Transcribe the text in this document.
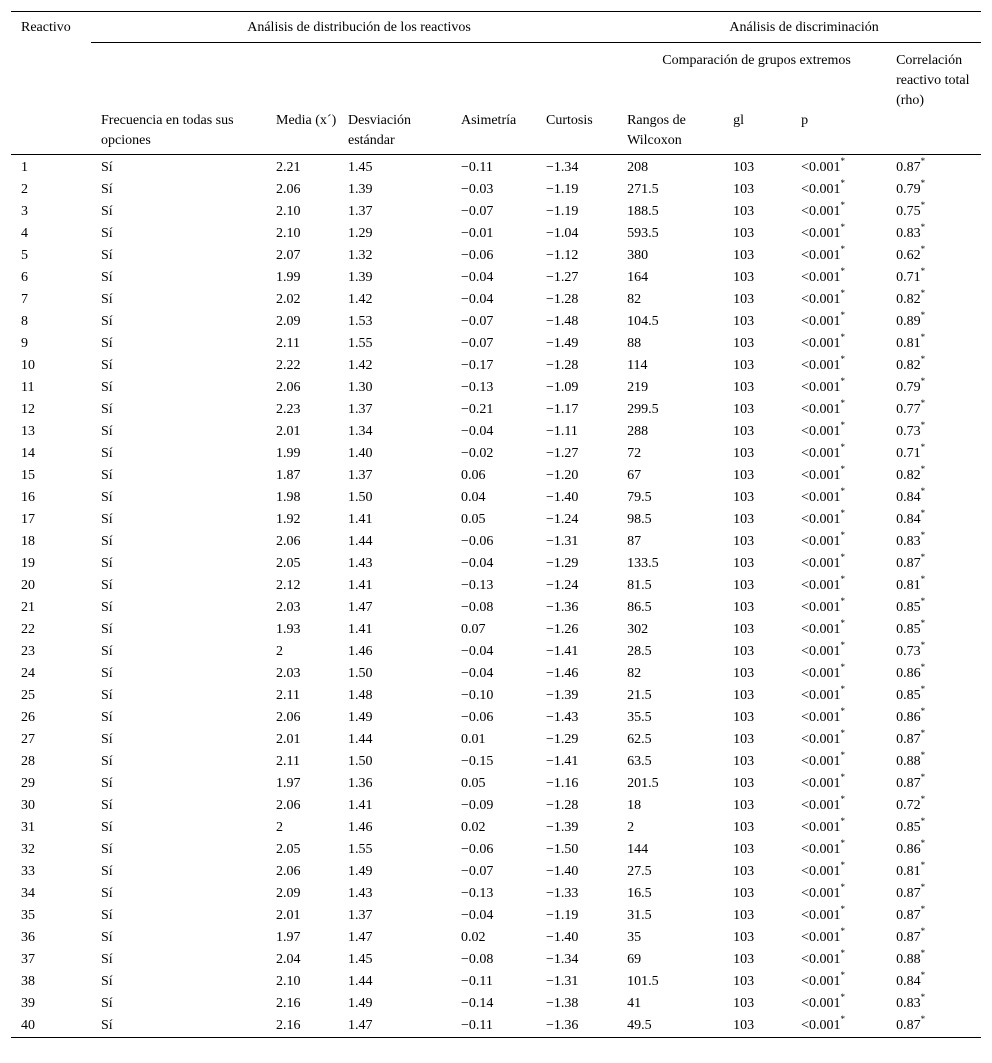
Reactivo	Análisis de distribución de los reactivos					Análisis de discriminación			
						Comparación de grupos extremos			Correlación reactivo total (rho)
	Frecuencia en todas sus opciones	Media (x´)	Desviación estándar	Asimetría	Curtosis	Rangos de Wilcoxon	gl	p	
1	Sí	2.21	1.45	−0.11	−1.34	208	103	<0.001*	0.87*
2	Sí	2.06	1.39	−0.03	−1.19	271.5	103	<0.001*	0.79*
3	Sí	2.10	1.37	−0.07	−1.19	188.5	103	<0.001*	0.75*
4	Sí	2.10	1.29	−0.01	−1.04	593.5	103	<0.001*	0.83*
5	Sí	2.07	1.32	−0.06	−1.12	380	103	<0.001*	0.62*
6	Sí	1.99	1.39	−0.04	−1.27	164	103	<0.001*	0.71*
7	Sí	2.02	1.42	−0.04	−1.28	82	103	<0.001*	0.82*
8	Sí	2.09	1.53	−0.07	−1.48	104.5	103	<0.001*	0.89*
9	Sí	2.11	1.55	−0.07	−1.49	88	103	<0.001*	0.81*
10	Sí	2.22	1.42	−0.17	−1.28	114	103	<0.001*	0.82*
11	Sí	2.06	1.30	−0.13	−1.09	219	103	<0.001*	0.79*
12	Sí	2.23	1.37	−0.21	−1.17	299.5	103	<0.001*	0.77*
13	Sí	2.01	1.34	−0.04	−1.11	288	103	<0.001*	0.73*
14	Sí	1.99	1.40	−0.02	−1.27	72	103	<0.001*	0.71*
15	Sí	1.87	1.37	0.06	−1.20	67	103	<0.001*	0.82*
16	Sí	1.98	1.50	0.04	−1.40	79.5	103	<0.001*	0.84*
17	Sí	1.92	1.41	0.05	−1.24	98.5	103	<0.001*	0.84*
18	Sí	2.06	1.44	−0.06	−1.31	87	103	<0.001*	0.83*
19	Sí	2.05	1.43	−0.04	−1.29	133.5	103	<0.001*	0.87*
20	Sí	2.12	1.41	−0.13	−1.24	81.5	103	<0.001*	0.81*
21	Sí	2.03	1.47	−0.08	−1.36	86.5	103	<0.001*	0.85*
22	Sí	1.93	1.41	0.07	−1.26	302	103	<0.001*	0.85*
23	Sí	2	1.46	−0.04	−1.41	28.5	103	<0.001*	0.73*
24	Sí	2.03	1.50	−0.04	−1.46	82	103	<0.001*	0.86*
25	Sí	2.11	1.48	−0.10	−1.39	21.5	103	<0.001*	0.85*
26	Sí	2.06	1.49	−0.06	−1.43	35.5	103	<0.001*	0.86*
27	Sí	2.01	1.44	0.01	−1.29	62.5	103	<0.001*	0.87*
28	Sí	2.11	1.50	−0.15	−1.41	63.5	103	<0.001*	0.88*
29	Sí	1.97	1.36	0.05	−1.16	201.5	103	<0.001*	0.87*
30	Sí	2.06	1.41	−0.09	−1.28	18	103	<0.001*	0.72*
31	Sí	2	1.46	0.02	−1.39	2	103	<0.001*	0.85*
32	Sí	2.05	1.55	−0.06	−1.50	144	103	<0.001*	0.86*
33	Sí	2.06	1.49	−0.07	−1.40	27.5	103	<0.001*	0.81*
34	Sí	2.09	1.43	−0.13	−1.33	16.5	103	<0.001*	0.87*
35	Sí	2.01	1.37	−0.04	−1.19	31.5	103	<0.001*	0.87*
36	Sí	1.97	1.47	0.02	−1.40	35	103	<0.001*	0.87*
37	Sí	2.04	1.45	−0.08	−1.34	69	103	<0.001*	0.88*
38	Sí	2.10	1.44	−0.11	−1.31	101.5	103	<0.001*	0.84*
39	Sí	2.16	1.49	−0.14	−1.38	41	103	<0.001*	0.83*
40	Sí	2.16	1.47	−0.11	−1.36	49.5	103	<0.001*	0.87*
